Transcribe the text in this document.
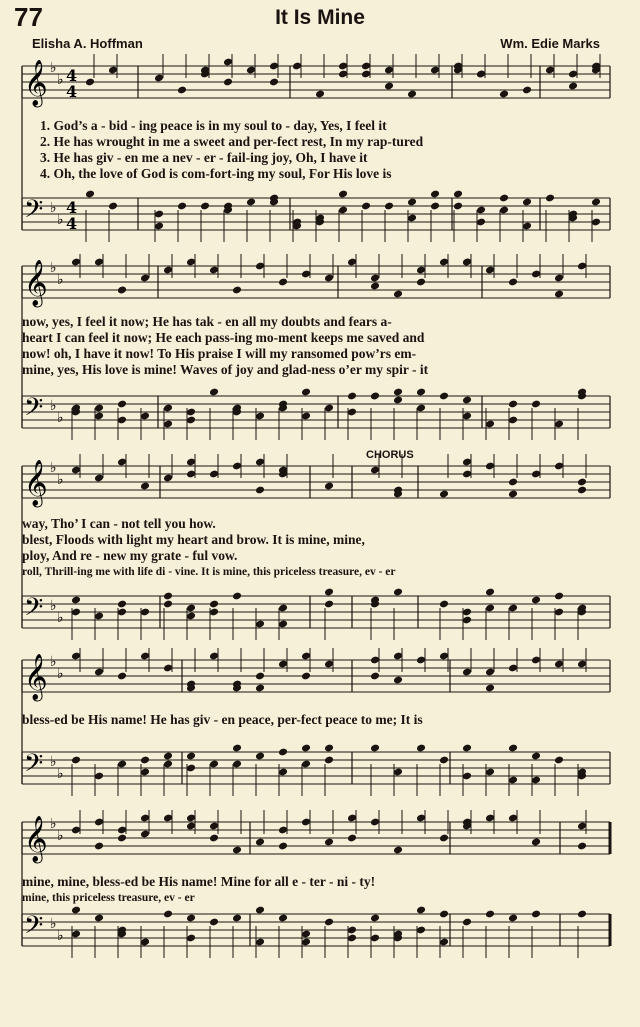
77	It Is Mine
Elisha A. Hoffman	Wm. Edie Marks
𝄞 ♭
♭ 4
4
𝄢 ♭
♭
4
4
1. God’s a - bid - ing peace is in my soul to - day, Yes, I feel it
2. He has wrought in me a sweet and per-fect rest, In my rap-tured
3. He has giv - en me a nev - er - fail-ing joy, Oh, I have it
4. Oh, the love of God is com-fort-ing my soul, For His love is
𝄞 ♭
♭
𝄢 ♭
♭
now, yes, I feel it now; He has tak - en all my doubts and fears a-
heart I can feel it now; He each pass-ing mo-ment keeps me saved and
now! oh, I have it now! To His praise I will my ransomed pow’rs em-
mine, yes, His love is mine! Waves of joy and glad-ness o’er my spir - it
CHORUS
𝄞 ♭
♭
𝄢 ♭
♭
way, Tho’ I can - not tell you how.
blest, Floods with light my heart and brow. It is mine, mine,
ploy, And re - new my grate - ful vow.
roll, Thrill-ing me with life di - vine. It is mine, this priceless treasure, ev - er
𝄞 ♭
♭
𝄢 ♭
♭
bless-ed be His name! He has giv - en peace, per-fect peace to me; It is
𝄞 ♭
♭
𝄢 ♭
♭
mine, mine, bless-ed be His name! Mine for all e - ter - ni - ty!
mine, this priceless treasure, ev - er
